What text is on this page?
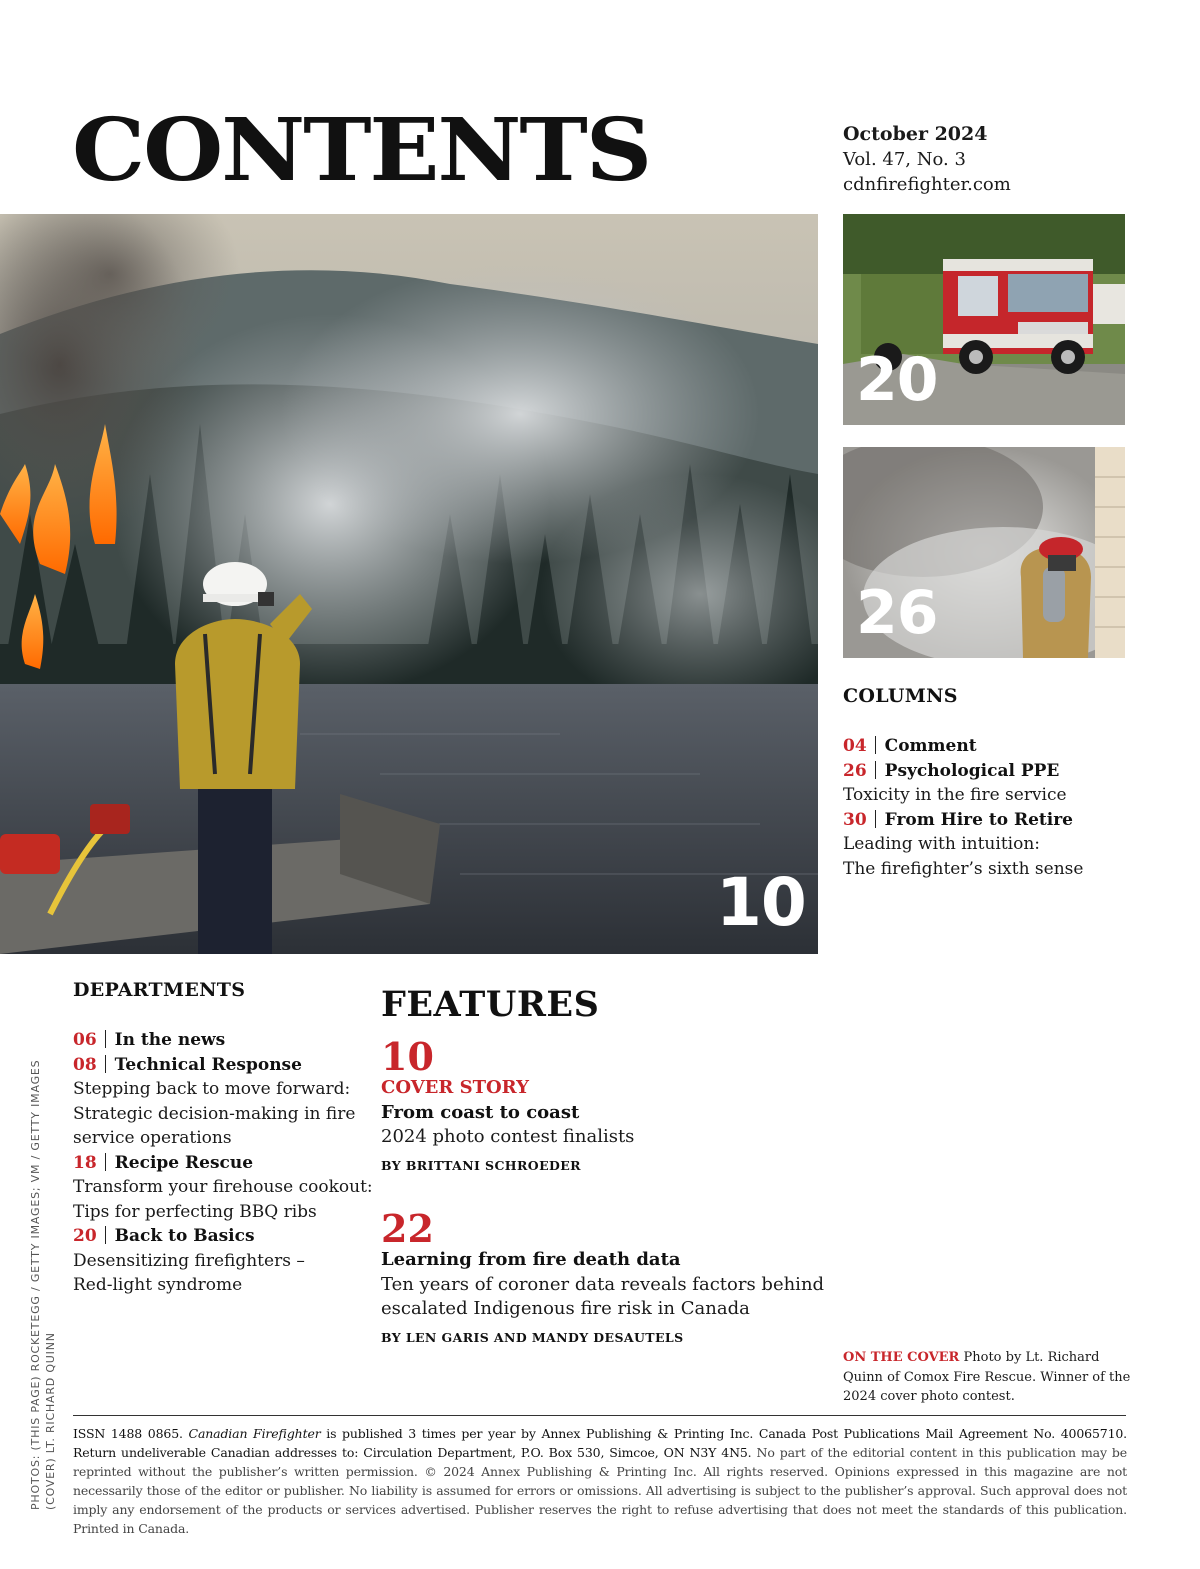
CONTENTS	October 2024
Vol. 47, No. 3
cdnfirefighter.com
10
20
26
COLUMNS
04 Comment
26 Psychological PPE
Toxicity in the fire service
30 From Hire to Retire
Leading with intuition:
The firefighter’s sixth sense
DEPARTMENTS
06 In the news
08 Technical Response
Stepping back to move forward:
Strategic decision-making in fire
service operations
18 Recipe Rescue
Transform your firehouse cookout:
Tips for perfecting BBQ ribs
20 Back to Basics
Desensitizing firefighters –
Red-light syndrome
FEATURES
10
COVER STORY
From coast to coast
2024 photo contest finalists
BY BRITTANI SCHROEDER
22
Learning from fire death data
Ten years of coroner data reveals factors behind
escalated Indigenous fire risk in Canada
BY LEN GARIS AND MANDY DESAUTELS
ON THE COVER Photo by Lt. Richard Quinn of Comox Fire Rescue. Winner of the 2024 cover photo contest.
ISSN 1488 0865. Canadian Firefighter is published 3 times per year by Annex Publishing & Printing Inc. Canada Post Publications Mail Agreement No. 40065710. Return undeliverable Canadian addresses to: Circulation Department, P.O. Box 530, Simcoe, ON N3Y 4N5. No part of the editorial content in this publication may be reprinted without the publisher’s written permission. © 2024 Annex Publishing & Printing Inc. All rights reserved. Opinions expressed in this magazine are not necessarily those of the editor or publisher. No liability is assumed for errors or omissions. All advertising is subject to the publisher’s approval. Such approval does not imply any endorsement of the products or services advertised. Publisher reserves the right to refuse advertising that does not meet the standards of this publication. Printed in Canada.
PHOTOS: (THIS PAGE) ROCKETEGG / GETTY IMAGES; VM / GETTY IMAGES (COVER) LT. RICHARD QUINN
